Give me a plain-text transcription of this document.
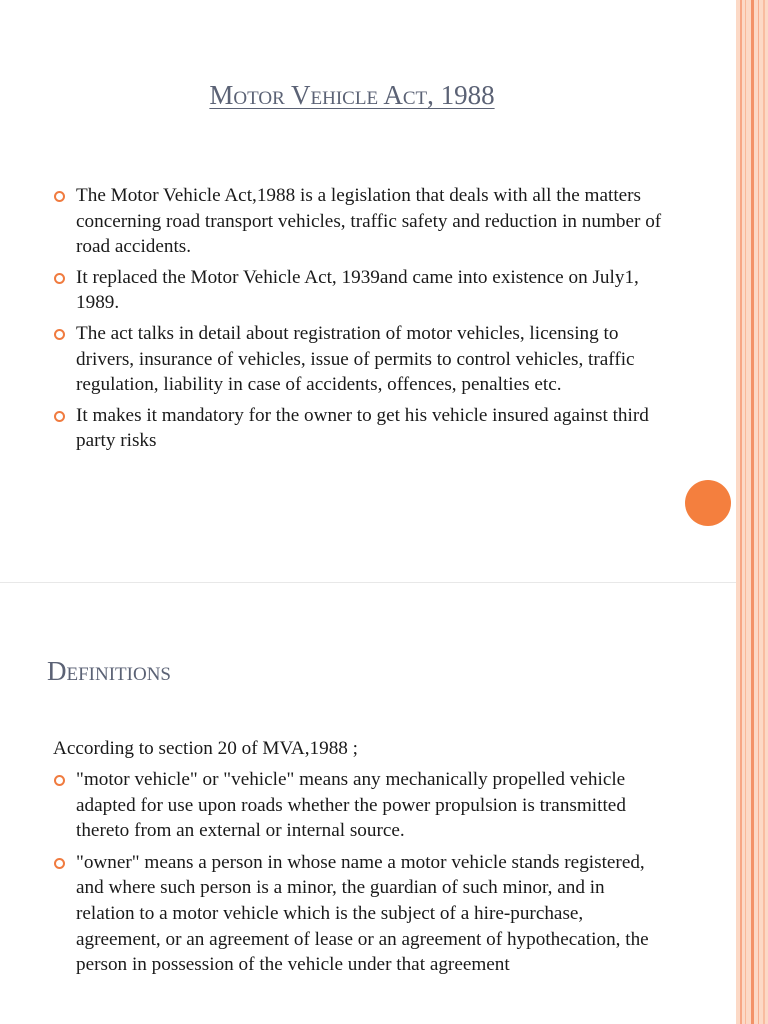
Motor Vehicle Act, 1988
The Motor Vehicle Act,1988 is a legislation that deals with all the matters concerning road transport vehicles, traffic safety and reduction in number of road accidents.
It replaced the Motor Vehicle Act, 1939and came into existence on July1, 1989.
The act talks in detail about registration of motor vehicles, licensing to drivers, insurance of vehicles, issue of permits to control vehicles, traffic regulation, liability in case of accidents, offences, penalties etc.
It makes it mandatory for the owner to get his vehicle insured against third party risks
Definitions

According to section 20 of MVA,1988 ;

"motor vehicle" or "vehicle" means any mechanically propelled vehicle adapted for use upon roads whether the power propulsion is transmitted thereto from an external or internal source.
"owner" means a person in whose name a motor vehicle stands registered, and where such person is a minor, the guardian of such minor, and in relation to a motor vehicle which is the subject of a hire-purchase, agreement, or an agreement of lease or an agreement of hypothecation, the person in possession of the vehicle under that agreement
